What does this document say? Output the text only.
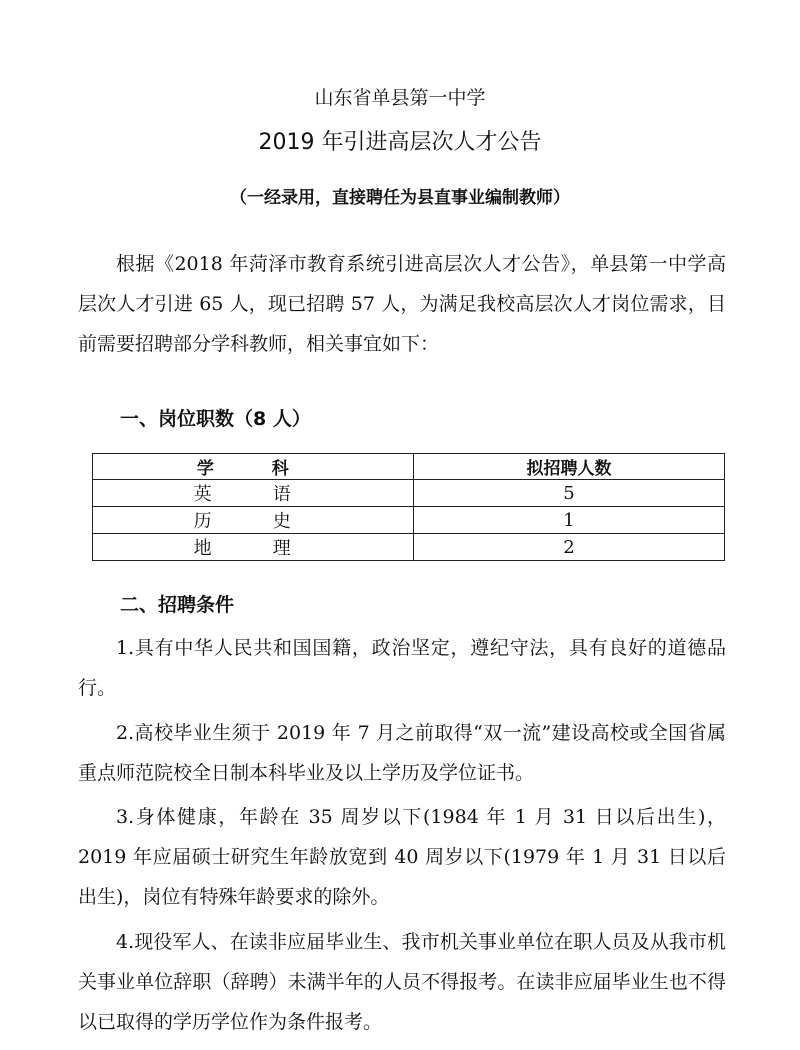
山东省单县第一中学
2019 年引进高层次人才公告
（一经录用，直接聘任为县直事业编制教师）
根据《2018 年菏泽市教育系统引进高层次人才公告》，单县第一中学高层次人才引进 65 人，现已招聘 57 人，为满足我校高层次人才岗位需求，目前需要招聘部分学科教师，相关事宜如下：
一、岗位职数（8 人）
学　科	拟招聘人数
英　语	5
历　史	1
地　理	2
二、招聘条件
1.具有中华人民共和国国籍，政治坚定，遵纪守法，具有良好的道德品行。
2.高校毕业生须于 2019 年 7 月之前取得“双一流”建设高校或全国省属重点师范院校全日制本科毕业及以上学历及学位证书。
3.身体健康，年龄在 35 周岁以下(1984 年 1 月 31 日以后出生)，2019 年应届硕士研究生年龄放宽到 40 周岁以下(1979 年 1 月 31 日以后出生)，岗位有特殊年龄要求的除外。
4.现役军人、在读非应届毕业生、我市机关事业单位在职人员及从我市机关事业单位辞职（辞聘）未满半年的人员不得报考。在读非应届毕业生也不得以已取得的学历学位作为条件报考。
